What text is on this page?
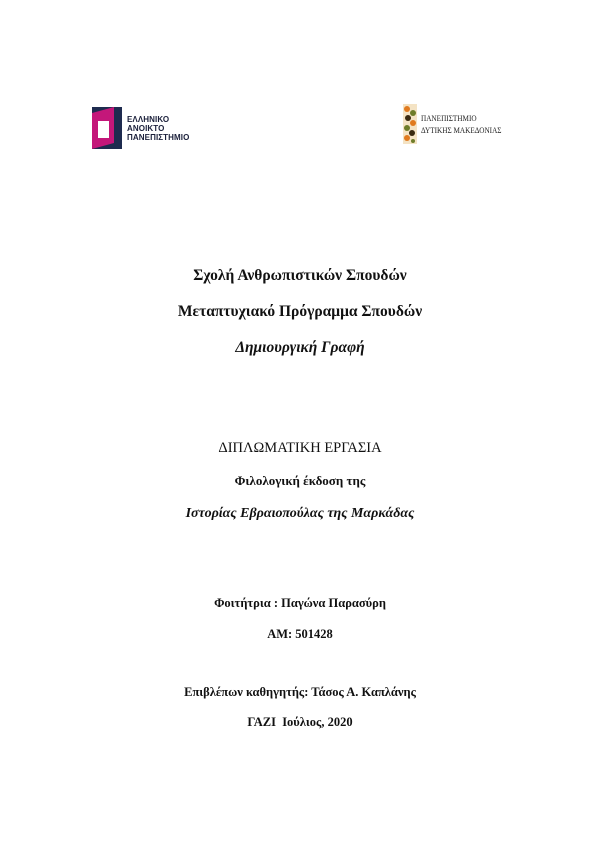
ΕΛΛΗΝΙΚΟ
ΑΝΟΙΚΤΟ
ΠΑΝΕΠΙΣΤΗΜΙΟ
ΠΑΝΕΠΙΣΤΗΜΙΟ
ΔΥΤΙΚΗΣ ΜΑΚΕΔΟΝΙΑΣ
Σχολή Ανθρωπιστικών Σπουδών
Μεταπτυχιακό Πρόγραμμα Σπουδών
Δημιουργική Γραφή
ΔΙΠΛΩΜΑΤΙΚΗ ΕΡΓΑΣΙΑ
Φιλολογική έκδοση της
Ιστορίας Εβραιοπούλας της Μαρκάδας
Φοιτήτρια : Παγώνα Παρασύρη
ΑΜ: 501428
Επιβλέπων καθηγητής: Τάσος Α. Καπλάνης
ΓΑΖΙ  Ιούλιος, 2020
